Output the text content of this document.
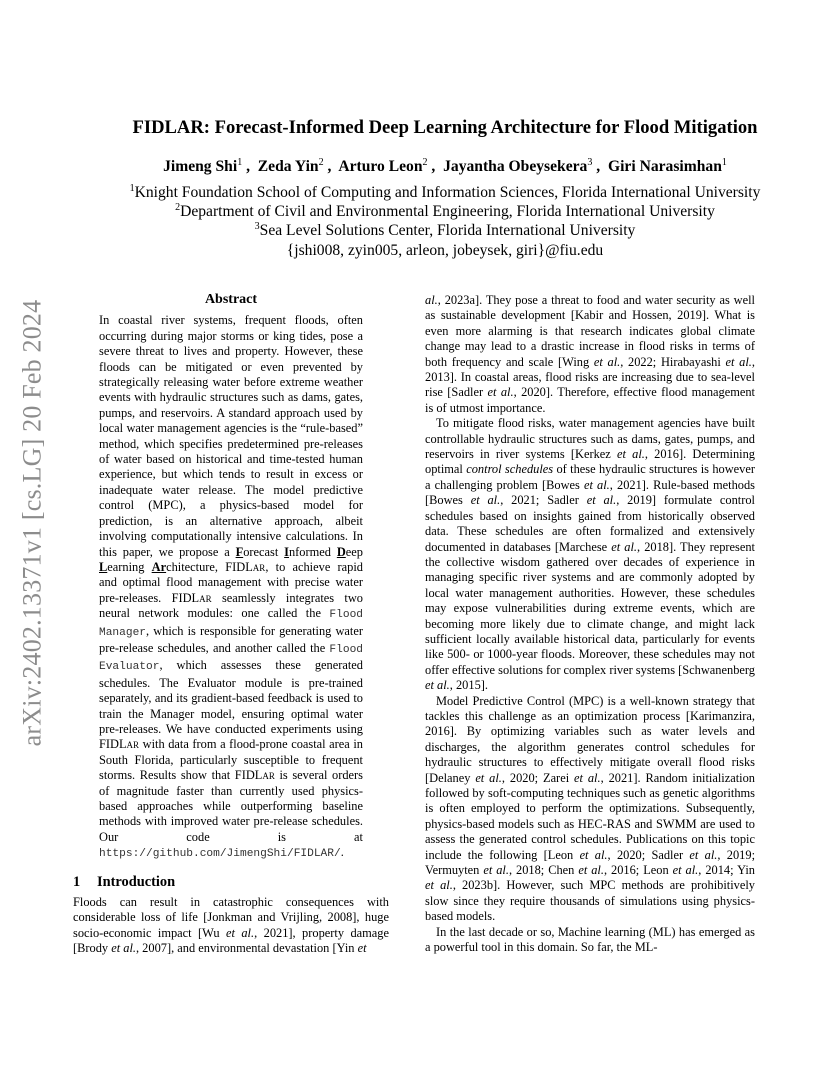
arXiv:2402.13371v1 [cs.LG] 20 Feb 2024
FIDLAR: Forecast-Informed Deep Learning Architecture for Flood Mitigation
Jimeng Shi$^1$ ,  Zeda Yin$^2$ ,  Arturo Leon$^2$ ,  Jayantha Obeysekera$^3$ ,  Giri Narasimhan$^1$
$^1$Knight Foundation School of Computing and Information Sciences, Florida International University
$^2$Department of Civil and Environmental Engineering, Florida International University
$^3$Sea Level Solutions Center, Florida International University
{jshi008, zyin005, arleon, jobeysek, giri}@fiu.edu
Abstract

In coastal river systems, frequent floods, often occurring during major storms or king tides, pose a severe threat to lives and property. However, these floods can be mitigated or even prevented by strategically releasing water before extreme weather events with hydraulic structures such as dams, gates, pumps, and reservoirs. A standard approach used by local water management agencies is the “rule-based” method, which specifies predetermined pre-releases of water based on historical and time-tested human experience, but which tends to result in excess or inadequate water release. The model predictive control (MPC), a physics-based model for prediction, is an alternative approach, albeit involving computationally intensive calculations. In this paper, we propose a Forecast Informed Deep Learning Architecture, FIDLar, to achieve rapid and optimal flood management with precise water pre-releases. FIDLar seamlessly integrates two neural network modules: one called the Flood Manager, which is responsible for generating water pre-release schedules, and another called the Flood Evaluator, which assesses these generated schedules. The Evaluator module is pre-trained separately, and its gradient-based feedback is used to train the Manager model, ensuring optimal water pre-releases. We have conducted experiments using FIDLar with data from a flood-prone coastal area in South Florida, particularly susceptible to frequent storms. Results show that FIDLar is several orders of magnitude faster than currently used physics-based approaches while outperforming baseline methods with improved water pre-release schedules. Our code is at https://github.com/JimengShi/FIDLAR/.

1 Introduction

Floods can result in catastrophic consequences with considerable loss of life [Jonkman and Vrijling, 2008], huge socio-economic impact [Wu et al., 2021], property damage [Brody et al., 2007], and environmental devastation [Yin et

al., 2023a]. They pose a threat to food and water security as well as sustainable development [Kabir and Hossen, 2019]. What is even more alarming is that research indicates global climate change may lead to a drastic increase in flood risks in terms of both frequency and scale [Wing et al., 2022; Hirabayashi et al., 2013]. In coastal areas, flood risks are increasing due to sea-level rise [Sadler et al., 2020]. Therefore, effective flood management is of utmost importance.

To mitigate flood risks, water management agencies have built controllable hydraulic structures such as dams, gates, pumps, and reservoirs in river systems [Kerkez et al., 2016]. Determining optimal control schedules of these hydraulic structures is however a challenging problem [Bowes et al., 2021]. Rule-based methods [Bowes et al., 2021; Sadler et al., 2019] formulate control schedules based on insights gained from historically observed data. These schedules are often formalized and extensively documented in databases [Marchese et al., 2018]. They represent the collective wisdom gathered over decades of experience in managing specific river systems and are commonly adopted by local water management authorities. However, these schedules may expose vulnerabilities during extreme events, which are becoming more likely due to climate change, and might lack sufficient locally available historical data, particularly for events like 500- or 1000-year floods. Moreover, these schedules may not offer effective solutions for complex river systems [Schwanenberg et al., 2015].

Model Predictive Control (MPC) is a well-known strategy that tackles this challenge as an optimization process [Karimanzira, 2016]. By optimizing variables such as water levels and discharges, the algorithm generates control schedules for hydraulic structures to effectively mitigate overall flood risks [Delaney et al., 2020; Zarei et al., 2021]. Random initialization followed by soft-computing techniques such as genetic algorithms is often employed to perform the optimizations. Subsequently, physics-based models such as HEC-RAS and SWMM are used to assess the generated control schedules. Publications on this topic include the following [Leon et al., 2020; Sadler et al., 2019; Vermuyten et al., 2018; Chen et al., 2016; Leon et al., 2014; Yin et al., 2023b]. However, such MPC methods are prohibitively slow since they require thousands of simulations using physics-based models.

In the last decade or so, Machine learning (ML) has emerged as a powerful tool in this domain. So far, the ML-
